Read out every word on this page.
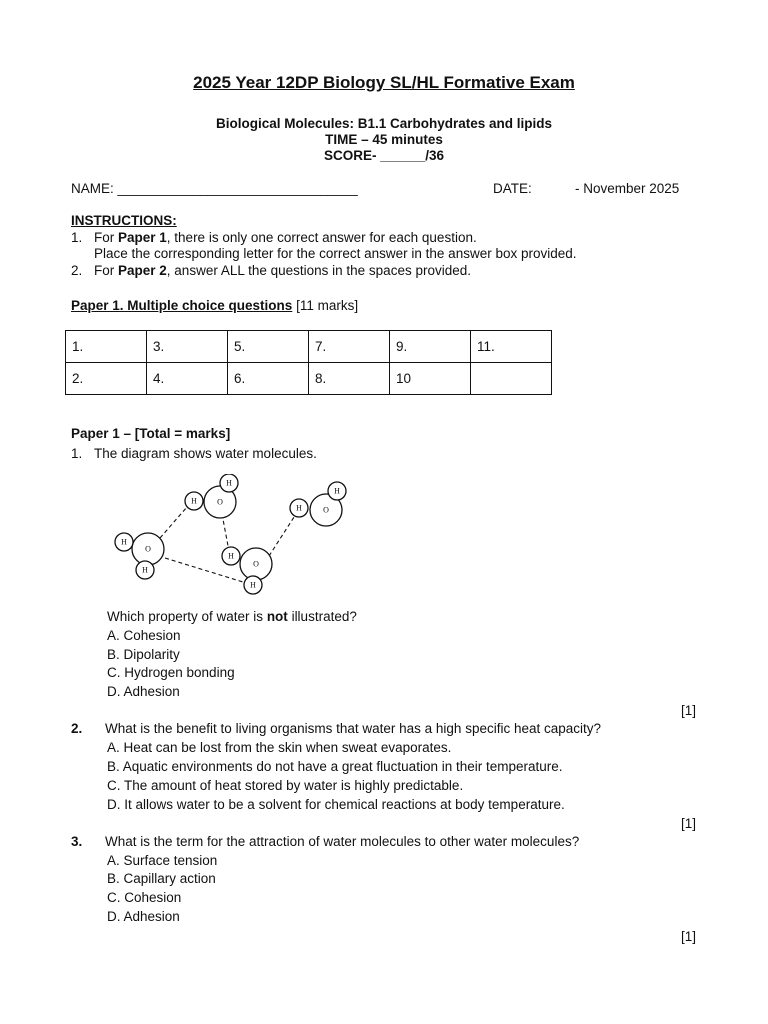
2025 Year 12DP Biology SL/HL Formative Exam
Biological Molecules: B1.1 Carbohydrates and lipids
TIME – 45 minutes
SCORE- ______/36
NAME: ________________________________	DATE:	- November 2025
INSTRUCTIONS:
1. For Paper 1, there is only one correct answer for each question.
Place the corresponding letter for the correct answer in the answer box provided.
2. For Paper 2, answer ALL the questions in the spaces provided.
Paper 1. Multiple choice questions [11 marks]
1.	3.	5.	7.	9.	11.
2.	4.	6.	8.	10	
Paper 1 – [Total = marks]
1. The diagram shows water molecules.
O
H
H
O
H
H
O
H
H
O
H
H
Which property of water is not illustrated?
A. Cohesion
B. Dipolarity
C. Hydrogen bonding
D. Adhesion
[1]
2. What is the benefit to living organisms that water has a high specific heat capacity?
A. Heat can be lost from the skin when sweat evaporates.
B. Aquatic environments do not have a great fluctuation in their temperature.
C. The amount of heat stored by water is highly predictable.
D. It allows water to be a solvent for chemical reactions at body temperature.
[1]
3. What is the term for the attraction of water molecules to other water molecules?
A. Surface tension
B. Capillary action
C. Cohesion
D. Adhesion
[1]
